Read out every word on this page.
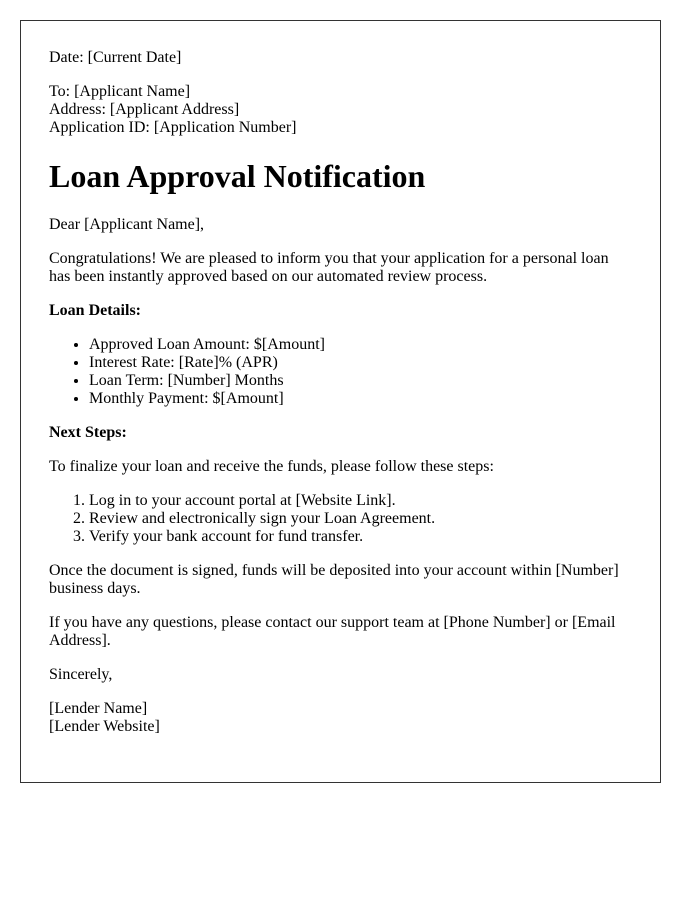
Date: [Current Date]

To: [Applicant Name]
Address: [Applicant Address]
Application ID: [Application Number]

Loan Approval Notification

Dear [Applicant Name],

Congratulations! We are pleased to inform you that your application for a personal loan has been instantly approved based on our automated review process.

Loan Details:

• Approved Loan Amount: $[Amount]
• Interest Rate: [Rate]% (APR)
• Loan Term: [Number] Months
• Monthly Payment: $[Amount]

Next Steps:

To finalize your loan and receive the funds, please follow these steps:

1. Log in to your account portal at [Website Link].
2. Review and electronically sign your Loan Agreement.
3. Verify your bank account for fund transfer.

Once the document is signed, funds will be deposited into your account within [Number] business days.

If you have any questions, please contact our support team at [Phone Number] or [Email Address].

Sincerely,

[Lender Name]
[Lender Website]
